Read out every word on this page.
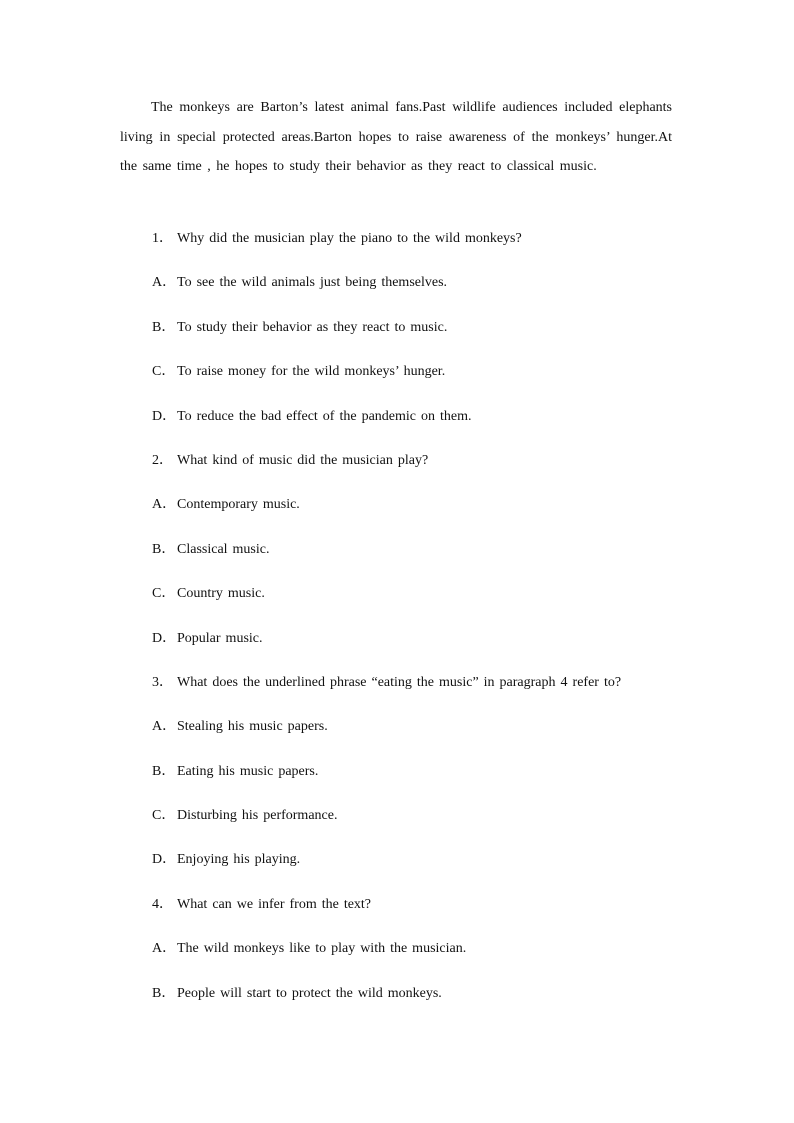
The monkeys are Barton’s latest animal fans.Past wildlife audiences included elephants living in special protected areas.Barton hopes to raise awareness of the monkeys’ hunger.At the same time , he hopes to study their behavior as they react to classical music.

1． Why did the musician play the piano to the wild monkeys?
A．To see the wild animals just being themselves.
B． To study their behavior as they react to music.
C． To raise money for the wild monkeys’ hunger.
D．To reduce the bad effect of the pandemic on them.
2． What kind of music did the musician play?
A．Contemporary music.
B． Classical music.
C． Country music.
D．Popular music.
3． What does the underlined phrase “eating the music” in paragraph 4 refer to?
A．Stealing his music papers.
B． Eating his music papers.
C． Disturbing his performance.
D．Enjoying his playing.
4． What can we infer from the text?
A．The wild monkeys like to play with the musician.
B． People will start to protect the wild monkeys.
